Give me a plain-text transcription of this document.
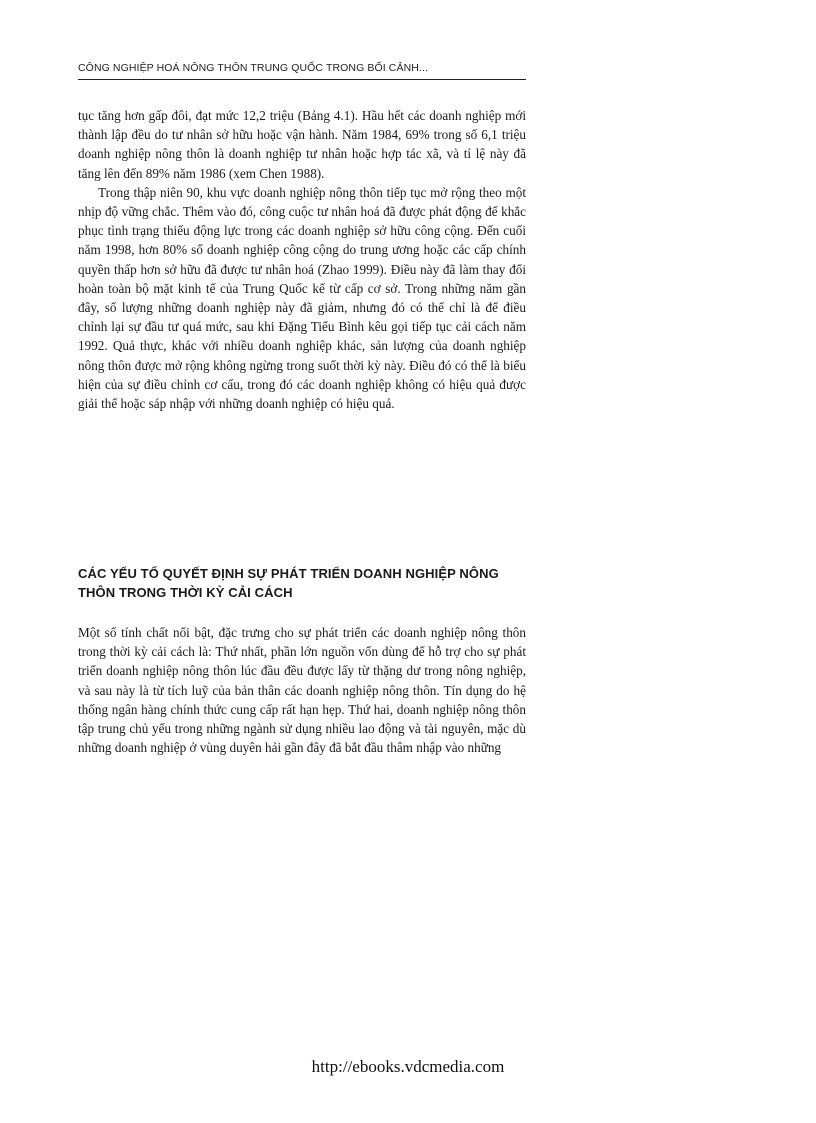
CÔNG NGHIỆP HOÁ NÔNG THÔN TRUNG QUỐC TRONG BỐI CẢNH...

tục tăng hơn gấp đôi, đạt mức 12,2 triệu (Bảng 4.1). Hầu hết các doanh nghiệp mới thành lập đều do tư nhân sở hữu hoặc vận hành. Năm 1984, 69% trong số 6,1 triệu doanh nghiệp nông thôn là doanh nghiệp tư nhân hoặc hợp tác xã, và tỉ lệ này đã tăng lên đến 89% năm 1986 (xem Chen 1988).

Trong thập niên 90, khu vực doanh nghiệp nông thôn tiếp tục mở rộng theo một nhịp độ vững chắc. Thêm vào đó, công cuộc tư nhân hoá đã được phát động để khắc phục tình trạng thiếu động lực trong các doanh nghiệp sở hữu công cộng. Đến cuối năm 1998, hơn 80% số doanh nghiệp công cộng do trung ương hoặc các cấp chính quyền thấp hơn sở hữu đã được tư nhân hoá (Zhao 1999). Điều này đã làm thay đổi hoàn toàn bộ mặt kinh tế của Trung Quốc kể từ cấp cơ sở. Trong những năm gần đây, số lượng những doanh nghiệp này đã giảm, nhưng đó có thể chỉ là để điều chỉnh lại sự đầu tư quá mức, sau khi Đặng Tiểu Bình kêu gọi tiếp tục cải cách năm 1992. Quả thực, khác với nhiều doanh nghiệp khác, sản lượng của doanh nghiệp nông thôn được mở rộng không ngừng trong suốt thời kỳ này. Điều đó có thể là biểu hiện của sự điều chỉnh cơ cấu, trong đó các doanh nghiệp không có hiệu quả được giải thể hoặc sáp nhập với những doanh nghiệp có hiệu quả.

CÁC YẾU TỐ QUYẾT ĐỊNH SỰ PHÁT TRIỂN DOANH NGHIỆP NÔNG THÔN TRONG THỜI KỲ CẢI CÁCH

Một số tính chất nổi bật, đặc trưng cho sự phát triển các doanh nghiệp nông thôn trong thời kỳ cải cách là: Thứ nhất, phần lớn nguồn vốn dùng để hỗ trợ cho sự phát triển doanh nghiệp nông thôn lúc đầu đều được lấy từ thặng dư trong nông nghiệp, và sau này là từ tích luỹ của bản thân các doanh nghiệp nông thôn. Tín dụng do hệ thống ngân hàng chính thức cung cấp rất hạn hẹp. Thứ hai, doanh nghiệp nông thôn tập trung chủ yếu trong những ngành sử dụng nhiều lao động và tài nguyên, mặc dù những doanh nghiệp ở vùng duyên hải gần đây đã bắt đầu thâm nhập vào những

http://ebooks.vdcmedia.com
